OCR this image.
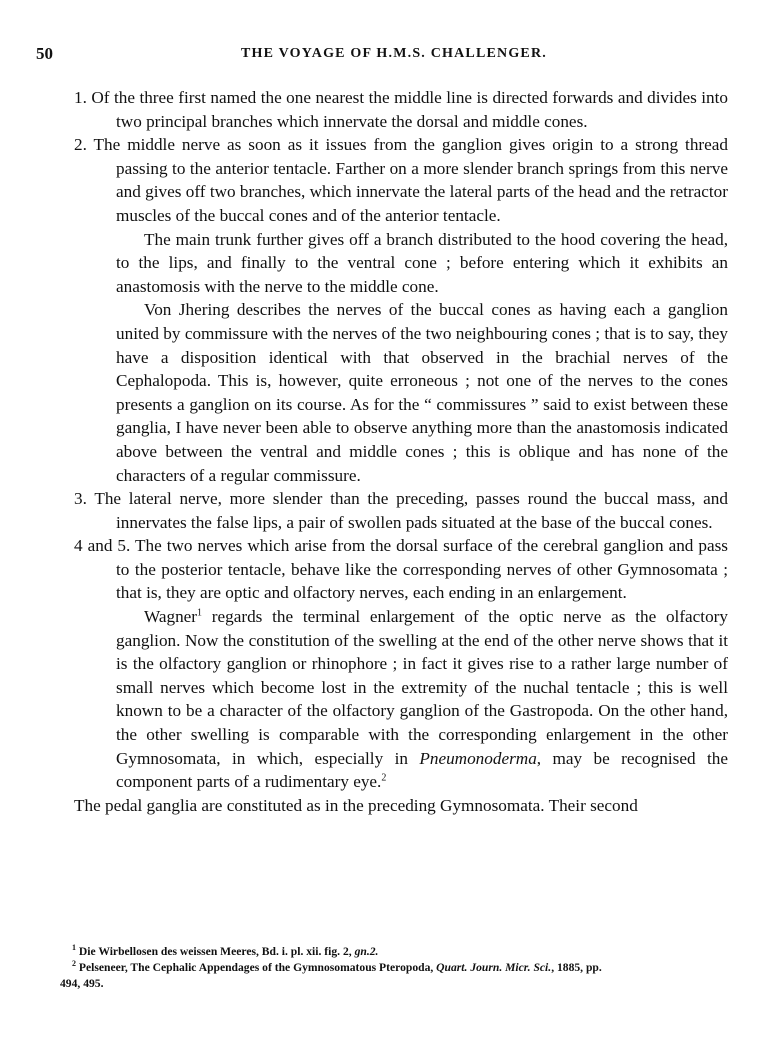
50	THE VOYAGE OF H.M.S. CHALLENGER.

1. Of the three first named the one nearest the middle line is directed forwards and divides into two principal branches which innervate the dorsal and middle cones.

2. The middle nerve as soon as it issues from the ganglion gives origin to a strong thread passing to the anterior tentacle. Farther on a more slender branch springs from this nerve and gives off two branches, which innervate the lateral parts of the head and the retractor muscles of the buccal cones and of the anterior tentacle.

The main trunk further gives off a branch distributed to the hood covering the head, to the lips, and finally to the ventral cone ; before entering which it exhibits an anastomosis with the nerve to the middle cone.

Von Jhering describes the nerves of the buccal cones as having each a ganglion united by commissure with the nerves of the two neighbouring cones ; that is to say, they have a disposition identical with that observed in the brachial nerves of the Cephalopoda. This is, however, quite erroneous ; not one of the nerves to the cones presents a ganglion on its course. As for the “ commissures ” said to exist between these ganglia, I have never been able to observe anything more than the anastomosis indicated above between the ventral and middle cones ; this is oblique and has none of the characters of a regular commissure.

3. The lateral nerve, more slender than the preceding, passes round the buccal mass, and innervates the false lips, a pair of swollen pads situated at the base of the buccal cones.

4 and 5. The two nerves which arise from the dorsal surface of the cerebral ganglion and pass to the posterior tentacle, behave like the corresponding nerves of other Gymnosomata ; that is, they are optic and olfactory nerves, each ending in an enlargement.

Wagner$^1$ regards the terminal enlargement of the optic nerve as the olfactory ganglion. Now the constitution of the swelling at the end of the other nerve shows that it is the olfactory ganglion or rhinophore ; in fact it gives rise to a rather large number of small nerves which become lost in the extremity of the nuchal tentacle ; this is well known to be a character of the olfactory ganglion of the Gastropoda. On the other hand, the other swelling is comparable with the corresponding enlargement in the other Gymnosomata, in which, especially in Pneumonoderma, may be recognised the component parts of a rudimentary eye.$^2$

The pedal ganglia are constituted as in the preceding Gymnosomata. Their second

$^1$ Die Wirbellosen des weissen Meeres, Bd. i. pl. xii. fig. 2, gn.2.

$^2$ Pelseneer, The Cephalic Appendages of the Gymnosomatous Pteropoda, Quart. Journ. Micr. Sci., 1885, pp.

494, 495.
